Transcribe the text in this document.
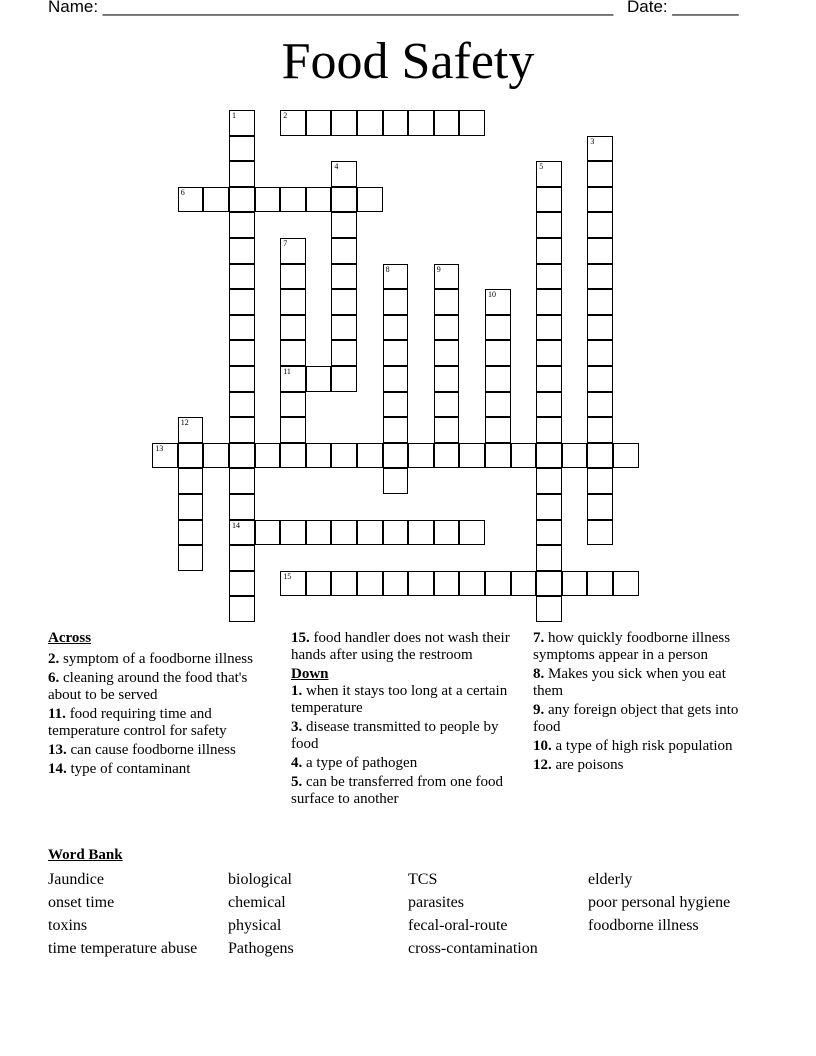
Name: ______________________________________________________ Date: _______
Food Safety
1
14
2
3
4	5
6
7
11
8	9
10
12
13
15
Across
2. symptom of a foodborne illness
6. cleaning around the food that's about to be served
11. food requiring time and temperature control for safety
13. can cause foodborne illness
14. type of contaminant
15. food handler does not wash their hands after using the restroom
Down
1. when it stays too long at a certain temperature
3. disease transmitted to people by food
4. a type of pathogen
5. can be transferred from one food surface to another
7. how quickly foodborne illness symptoms appear in a person
8. Makes you sick when you eat them
9. any foreign object that gets into food
10. a type of high risk population
12. are poisons
Word Bank
Jaundice
onset time
toxins
time temperature abuse
biological
chemical
physical
Pathogens
TCS
parasites
fecal-oral-route
cross-contamination
elderly
poor personal hygiene
foodborne illness
